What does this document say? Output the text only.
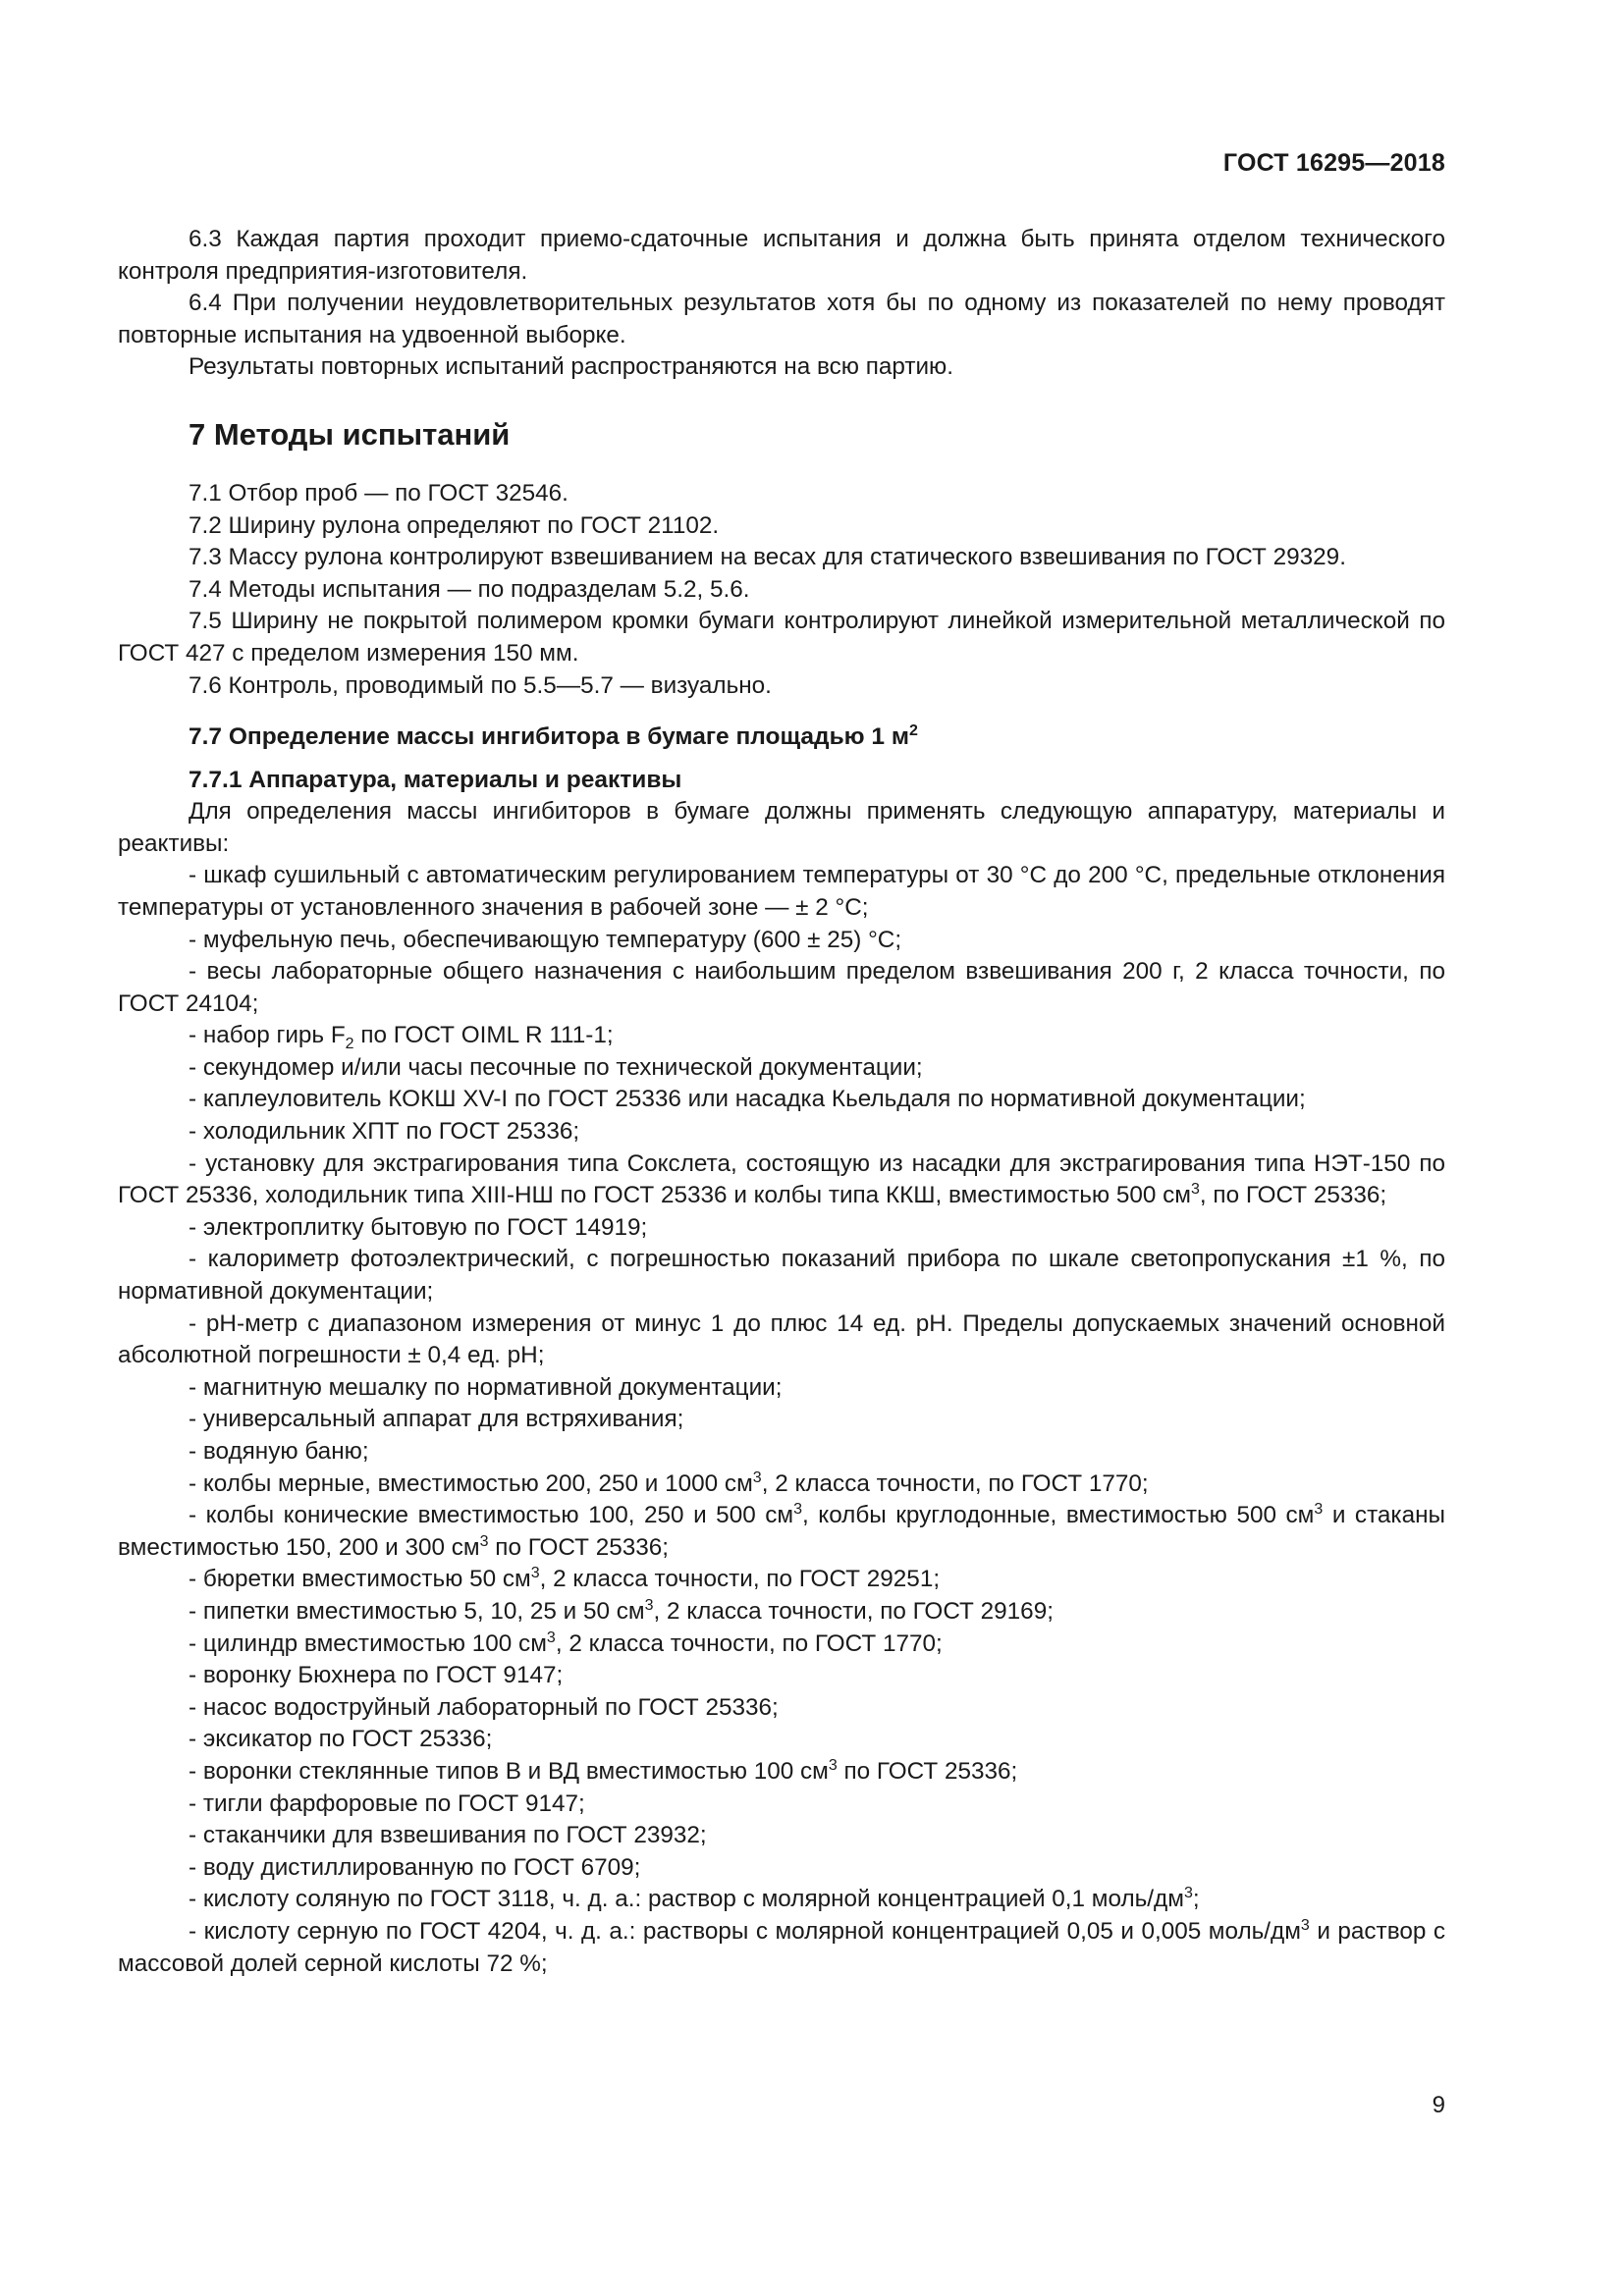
ГОСТ 16295—2018

6.3 Каждая партия проходит приемо-сдаточные испытания и должна быть принята отделом технического контроля предприятия-изготовителя.

6.4 При получении неудовлетворительных результатов хотя бы по одному из показателей по нему проводят повторные испытания на удвоенной выборке.

Результаты повторных испытаний распространяются на всю партию.

7 Методы испытаний

7.1 Отбор проб — по ГОСТ 32546.

7.2 Ширину рулона определяют по ГОСТ 21102.

7.3 Массу рулона контролируют взвешиванием на весах для статического взвешивания по ГОСТ 29329.

7.4 Методы испытания — по подразделам 5.2, 5.6.

7.5 Ширину не покрытой полимером кромки бумаги контролируют линейкой измерительной металлической по ГОСТ 427 с пределом измерения 150 мм.

7.6 Контроль, проводимый по 5.5—5.7 — визуально.

7.7 Определение массы ингибитора в бумаге площадью 1 $м^2$
7.7.1 Аппаратура, материалы и реактивы

Для определения массы ингибиторов в бумаге должны применять следующую аппаратуру, материалы и реактивы:

- шкаф сушильный с автоматическим регулированием температуры от 30 °С до 200 °С, предельные отклонения температуры от установленного значения в рабочей зоне — ± 2 °С;

- муфельную печь, обеспечивающую температуру (600 ± 25) °С;

- весы лабораторные общего назначения с наибольшим пределом взвешивания 200 г, 2 класса точности, по ГОСТ 24104;

- набор гирь $F_2$ по ГОСТ OIML R 111-1;

- секундомер и/или часы песочные по технической документации;

- каплеуловитель КОКШ XV-I по ГОСТ 25336 или насадка Кьельдаля по нормативной документации;

- холодильник ХПТ по ГОСТ 25336;

- установку для экстрагирования типа Сокслета, состоящую из насадки для экстрагирования типа НЭТ-150 по ГОСТ 25336, холодильник типа XIII-НШ по ГОСТ 25336 и колбы типа ККШ, вместимостью 500 $см^3$, по ГОСТ 25336;

- электроплитку бытовую по ГОСТ 14919;

- калориметр фотоэлектрический, с погрешностью показаний прибора по шкале светопропускания ±1 %, по нормативной документации;

- рН-метр с диапазоном измерения от минус 1 до плюс 14 ед. рН. Пределы допускаемых значений основной абсолютной погрешности ± 0,4 ед. рН;

- магнитную мешалку по нормативной документации;

- универсальный аппарат для встряхивания;

- водяную баню;

- колбы мерные, вместимостью 200, 250 и 1000 $см^3$, 2 класса точности, по ГОСТ 1770;

- колбы конические вместимостью 100, 250 и 500 $см^3$, колбы круглодонные, вместимостью 500 $см^3$ и стаканы вместимостью 150, 200 и 300 $см^3$ по ГОСТ 25336;

- бюретки вместимостью 50 $см^3$, 2 класса точности, по ГОСТ 29251;

- пипетки вместимостью 5, 10, 25 и 50 $см^3$, 2 класса точности, по ГОСТ 29169;

- цилиндр вместимостью 100 $см^3$, 2 класса точности, по ГОСТ 1770;

- воронку Бюхнера по ГОСТ 9147;

- насос водоструйный лабораторный по ГОСТ 25336;

- эксикатор по ГОСТ 25336;

- воронки стеклянные типов В и ВД вместимостью 100 $см^3$ по ГОСТ 25336;

- тигли фарфоровые по ГОСТ 9147;

- стаканчики для взвешивания по ГОСТ 23932;

- воду дистиллированную по ГОСТ 6709;

- кислоту соляную по ГОСТ 3118, ч. д. а.: раствор с молярной концентрацией 0,1 моль/$дм^3$;

- кислоту серную по ГОСТ 4204, ч. д. а.: растворы с молярной концентрацией 0,05 и 0,005 моль/$дм^3$ и раствор с массовой долей серной кислоты 72 %;

9
